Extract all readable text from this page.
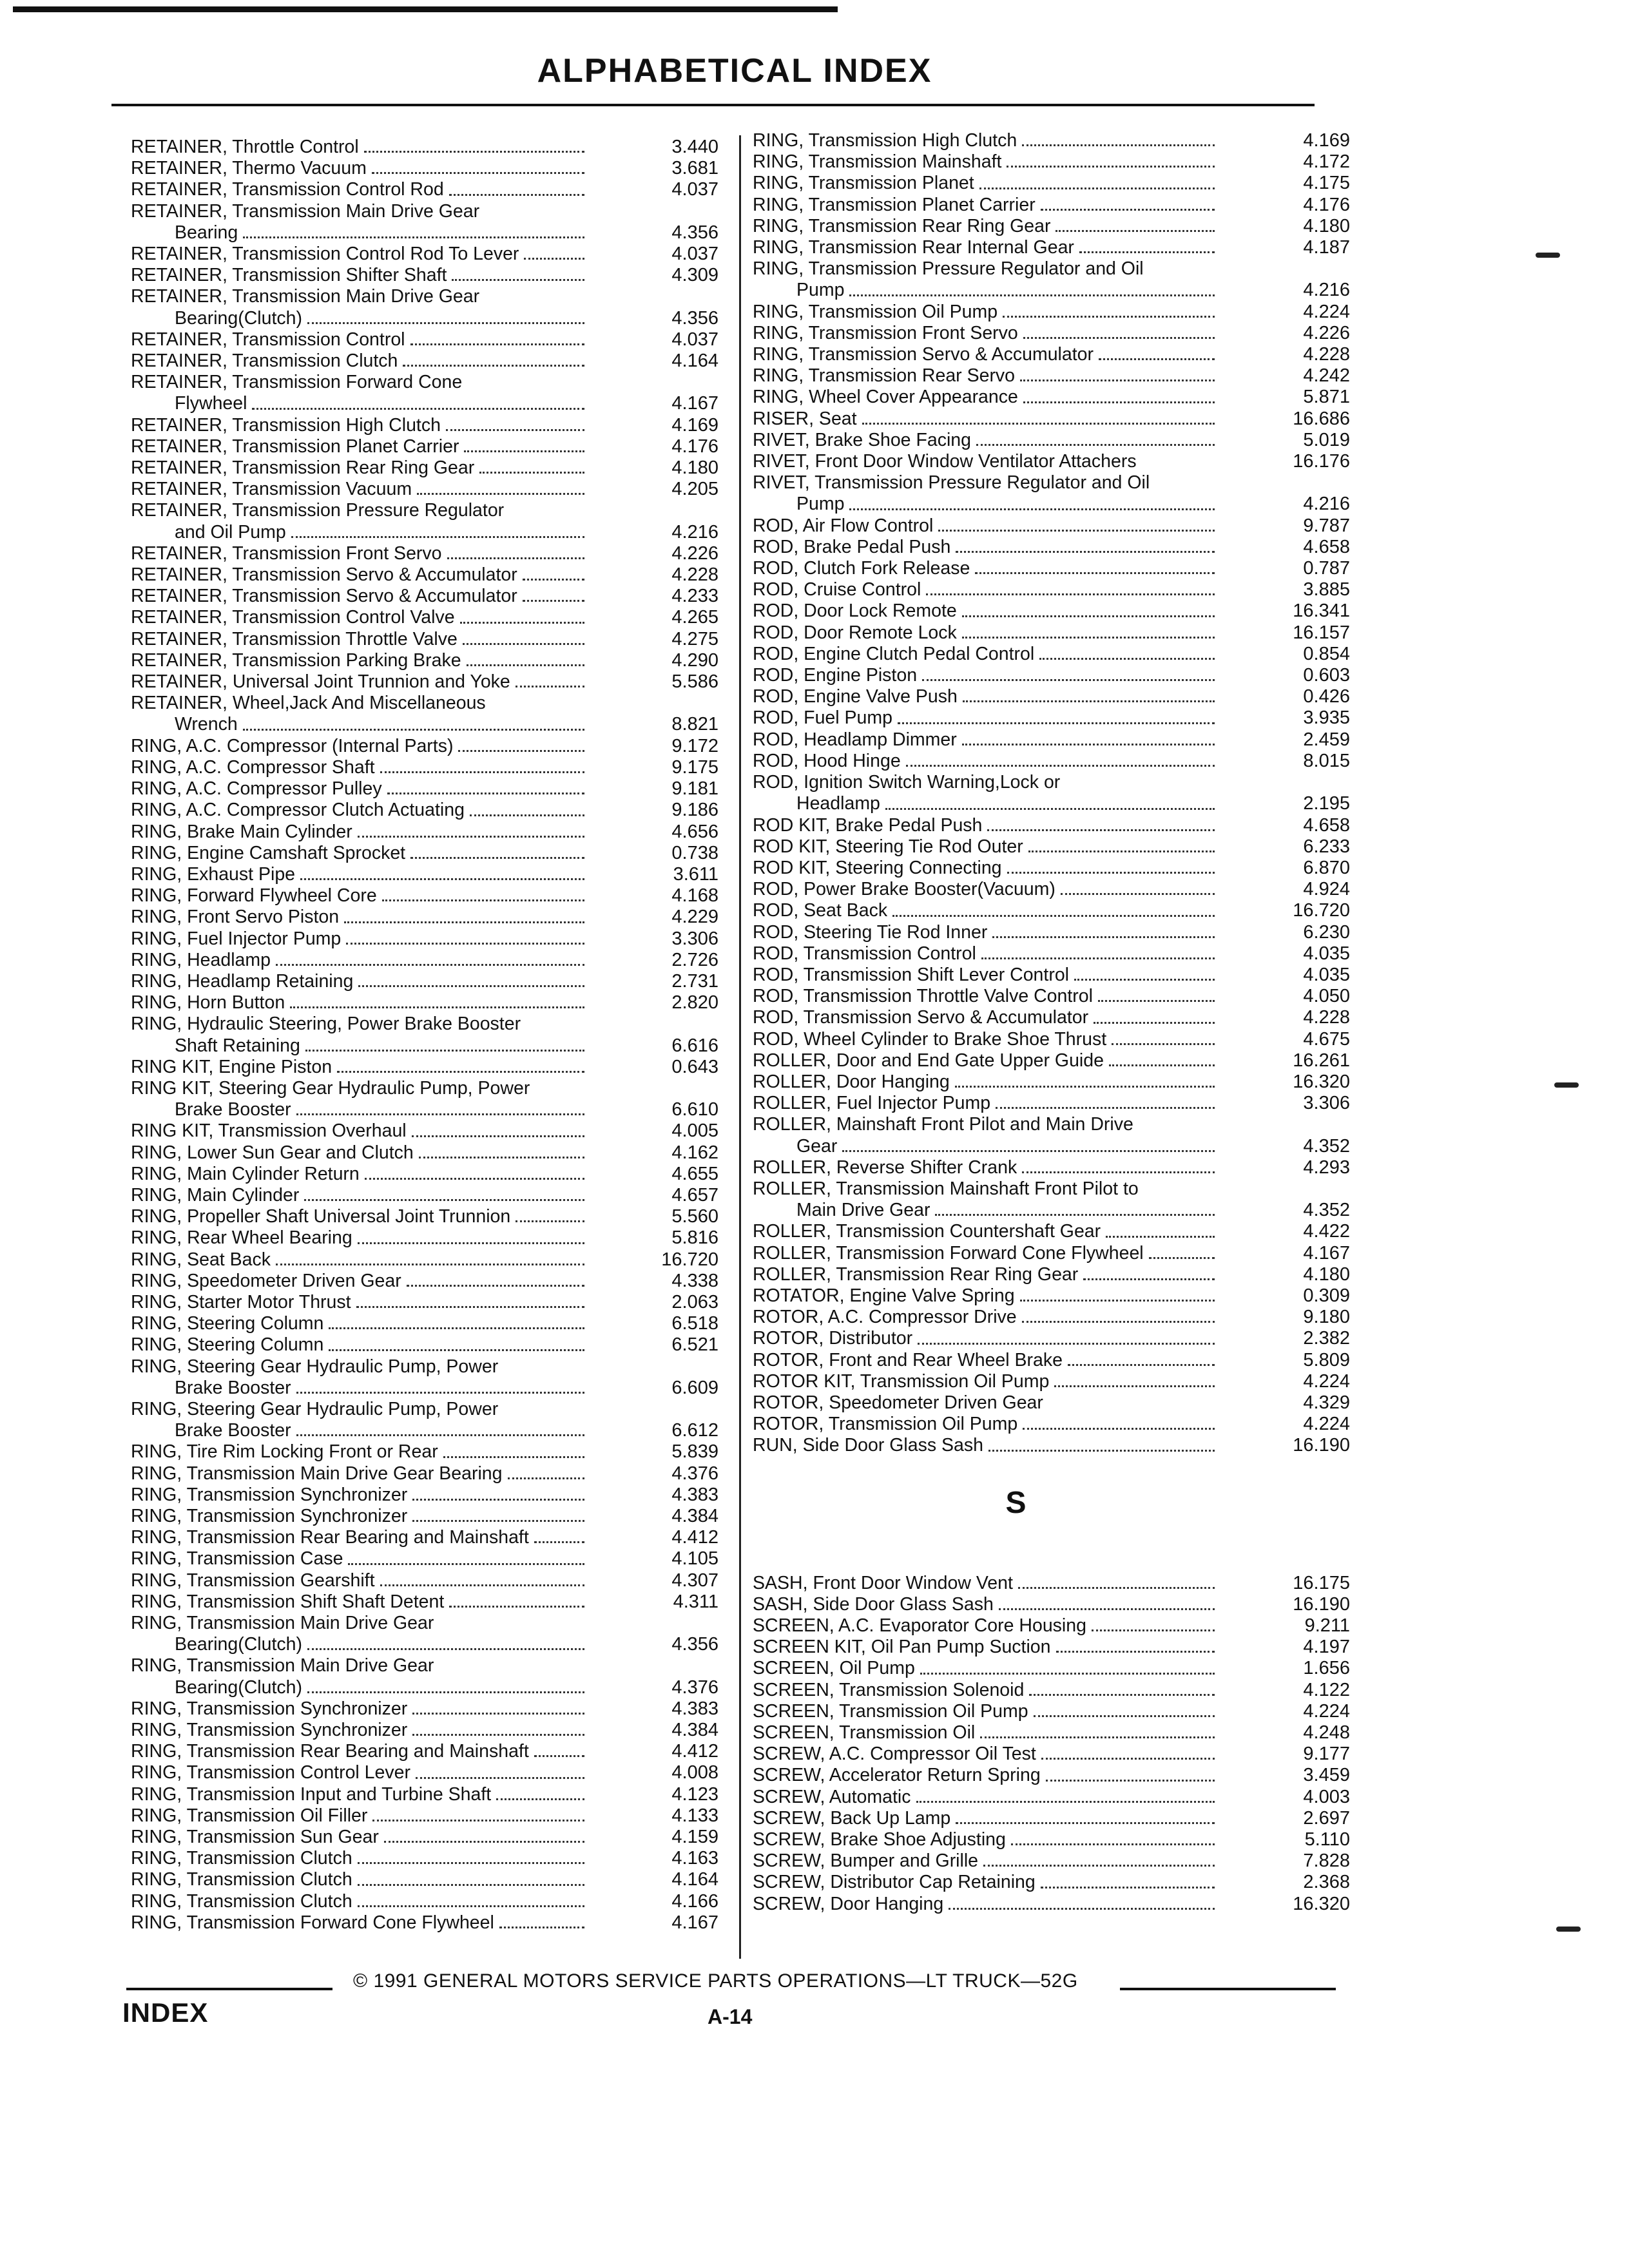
ALPHABETICAL INDEX
RETAINER, Throttle Control	3.440
RETAINER, Thermo Vacuum	3.681
RETAINER, Transmission Control Rod	4.037
RETAINER, Transmission Main Drive Gear
Bearing	4.356
RETAINER, Transmission Control Rod To Lever	4.037
RETAINER, Transmission Shifter Shaft	4.309
RETAINER, Transmission Main Drive Gear
Bearing(Clutch)	4.356
RETAINER, Transmission Control	4.037
RETAINER, Transmission Clutch	4.164
RETAINER, Transmission Forward Cone
Flywheel	4.167
RETAINER, Transmission High Clutch	4.169
RETAINER, Transmission Planet Carrier	4.176
RETAINER, Transmission Rear Ring Gear	4.180
RETAINER, Transmission Vacuum	4.205
RETAINER, Transmission Pressure Regulator
and Oil Pump	4.216
RETAINER, Transmission Front Servo	4.226
RETAINER, Transmission Servo & Accumulator	4.228
RETAINER, Transmission Servo & Accumulator	4.233
RETAINER, Transmission Control Valve	4.265
RETAINER, Transmission Throttle Valve	4.275
RETAINER, Transmission Parking Brake	4.290
RETAINER, Universal Joint Trunnion and Yoke	5.586
RETAINER, Wheel,Jack And Miscellaneous
Wrench	8.821
RING, A.C. Compressor (Internal Parts)	9.172
RING, A.C. Compressor Shaft	9.175
RING, A.C. Compressor Pulley	9.181
RING, A.C. Compressor Clutch Actuating	9.186
RING, Brake Main Cylinder	4.656
RING, Engine Camshaft Sprocket	0.738
RING, Exhaust Pipe	3.611
RING, Forward Flywheel Core	4.168
RING, Front Servo Piston	4.229
RING, Fuel Injector Pump	3.306
RING, Headlamp	2.726
RING, Headlamp Retaining	2.731
RING, Horn Button	2.820
RING, Hydraulic Steering, Power Brake Booster
Shaft Retaining	6.616
RING KIT, Engine Piston	0.643
RING KIT, Steering Gear Hydraulic Pump, Power
Brake Booster	6.610
RING KIT, Transmission Overhaul	4.005
RING, Lower Sun Gear and Clutch	4.162
RING, Main Cylinder Return	4.655
RING, Main Cylinder	4.657
RING, Propeller Shaft Universal Joint Trunnion	5.560
RING, Rear Wheel Bearing	5.816
RING, Seat Back	16.720
RING, Speedometer Driven Gear	4.338
RING, Starter Motor Thrust	2.063
RING, Steering Column	6.518
RING, Steering Column	6.521
RING, Steering Gear Hydraulic Pump, Power
Brake Booster	6.609
RING, Steering Gear Hydraulic Pump, Power
Brake Booster	6.612
RING, Tire Rim Locking Front or Rear	5.839
RING, Transmission Main Drive Gear Bearing	4.376
RING, Transmission Synchronizer	4.383
RING, Transmission Synchronizer	4.384
RING, Transmission Rear Bearing and Mainshaft	4.412
RING, Transmission Case	4.105
RING, Transmission Gearshift	4.307
RING, Transmission Shift Shaft Detent	4.311
RING, Transmission Main Drive Gear
Bearing(Clutch)	4.356
RING, Transmission Main Drive Gear
Bearing(Clutch)	4.376
RING, Transmission Synchronizer	4.383
RING, Transmission Synchronizer	4.384
RING, Transmission Rear Bearing and Mainshaft	4.412
RING, Transmission Control Lever	4.008
RING, Transmission Input and Turbine Shaft	4.123
RING, Transmission Oil Filler	4.133
RING, Transmission Sun Gear	4.159
RING, Transmission Clutch	4.163
RING, Transmission Clutch	4.164
RING, Transmission Clutch	4.166
RING, Transmission Forward Cone Flywheel	4.167
RING, Transmission High Clutch	4.169
RING, Transmission Mainshaft	4.172
RING, Transmission Planet	4.175
RING, Transmission Planet Carrier	4.176
RING, Transmission Rear Ring Gear	4.180
RING, Transmission Rear Internal Gear	4.187
RING, Transmission Pressure Regulator and Oil
Pump	4.216
RING, Transmission Oil Pump	4.224
RING, Transmission Front Servo	4.226
RING, Transmission Servo & Accumulator	4.228
RING, Transmission Rear Servo	4.242
RING, Wheel Cover Appearance	5.871
RISER, Seat	16.686
RIVET, Brake Shoe Facing	5.019
RIVET, Front Door Window Ventilator Attachers	16.176
RIVET, Transmission Pressure Regulator and Oil
Pump	4.216
ROD, Air Flow Control	9.787
ROD, Brake Pedal Push	4.658
ROD, Clutch Fork Release	0.787
ROD, Cruise Control	3.885
ROD, Door Lock Remote	16.341
ROD, Door Remote Lock	16.157
ROD, Engine Clutch Pedal Control	0.854
ROD, Engine Piston	0.603
ROD, Engine Valve Push	0.426
ROD, Fuel Pump	3.935
ROD, Headlamp Dimmer	2.459
ROD, Hood Hinge	8.015
ROD, Ignition Switch Warning,Lock or
Headlamp	2.195
ROD KIT, Brake Pedal Push	4.658
ROD KIT, Steering Tie Rod Outer	6.233
ROD KIT, Steering Connecting	6.870
ROD, Power Brake Booster(Vacuum)	4.924
ROD, Seat Back	16.720
ROD, Steering Tie Rod Inner	6.230
ROD, Transmission Control	4.035
ROD, Transmission Shift Lever Control	4.035
ROD, Transmission Throttle Valve Control	4.050
ROD, Transmission Servo & Accumulator	4.228
ROD, Wheel Cylinder to Brake Shoe Thrust	4.675
ROLLER, Door and End Gate Upper Guide	16.261
ROLLER, Door Hanging	16.320
ROLLER, Fuel Injector Pump	3.306
ROLLER, Mainshaft Front Pilot and Main Drive
Gear	4.352
ROLLER, Reverse Shifter Crank	4.293
ROLLER, Transmission Mainshaft Front Pilot to
Main Drive Gear	4.352
ROLLER, Transmission Countershaft Gear	4.422
ROLLER, Transmission Forward Cone Flywheel	4.167
ROLLER, Transmission Rear Ring Gear	4.180
ROTATOR, Engine Valve Spring	0.309
ROTOR, A.C. Compressor Drive	9.180
ROTOR, Distributor	2.382
ROTOR, Front and Rear Wheel Brake	5.809
ROTOR KIT, Transmission Oil Pump	4.224
ROTOR, Speedometer Driven Gear	4.329
ROTOR, Transmission Oil Pump	4.224
RUN, Side Door Glass Sash	16.190
S
SASH, Front Door Window Vent	16.175
SASH, Side Door Glass Sash	16.190
SCREEN, A.C. Evaporator Core Housing	9.211
SCREEN KIT, Oil Pan Pump Suction	4.197
SCREEN, Oil Pump	1.656
SCREEN, Transmission Solenoid	4.122
SCREEN, Transmission Oil Pump	4.224
SCREEN, Transmission Oil	4.248
SCREW, A.C. Compressor Oil Test	9.177
SCREW, Accelerator Return Spring	3.459
SCREW, Automatic	4.003
SCREW, Back Up Lamp	2.697
SCREW, Brake Shoe Adjusting	5.110
SCREW, Bumper and Grille	7.828
SCREW, Distributor Cap Retaining	2.368
SCREW, Door Hanging	16.320
© 1991 GENERAL MOTORS SERVICE PARTS OPERATIONS—LT TRUCK—52G
INDEX	A-14
